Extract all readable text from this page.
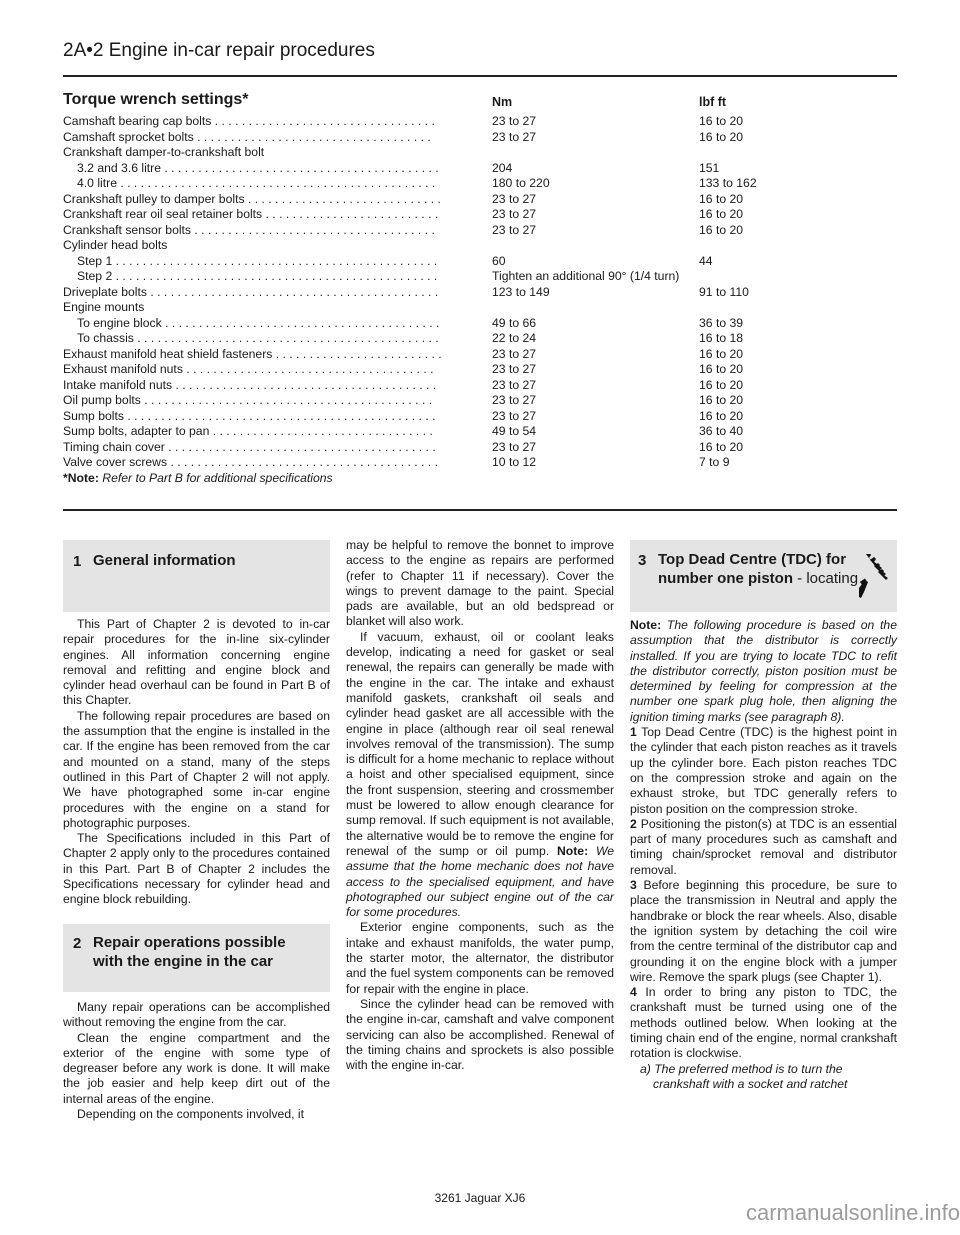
2A•2 Engine in-car repair procedures
Torque wrench settings*	Nm	lbf ft
Camshaft bearing cap bolts . . . . . . . . . . . . . . . . . . . . . . . . . . . . . . . . .	23 to 27	16 to 20
Camshaft sprocket bolts . . . . . . . . . . . . . . . . . . . . . . . . . . . . . . . . . . .	23 to 27	16 to 20
Crankshaft damper-to-crankshaft bolt
3.2 and 3.6 litre . . . . . . . . . . . . . . . . . . . . . . . . . . . . . . . . . . . . . . . . .	204	151
4.0 litre . . . . . . . . . . . . . . . . . . . . . . . . . . . . . . . . . . . . . . . . . . . . . . .	180 to 220	133 to 162
Crankshaft pulley to damper bolts . . . . . . . . . . . . . . . . . . . . . . . . . . . . .	23 to 27	16 to 20
Crankshaft rear oil seal retainer bolts . . . . . . . . . . . . . . . . . . . . . . . . . .	23 to 27	16 to 20
Crankshaft sensor bolts . . . . . . . . . . . . . . . . . . . . . . . . . . . . . . . . . . . .	23 to 27	16 to 20
Cylinder head bolts
Step 1 . . . . . . . . . . . . . . . . . . . . . . . . . . . . . . . . . . . . . . . . . . . . . . . .	60	44
Step 2 . . . . . . . . . . . . . . . . . . . . . . . . . . . . . . . . . . . . . . . . . . . . . . . .	Tighten an additional 90° (1/4 turn)
Driveplate bolts . . . . . . . . . . . . . . . . . . . . . . . . . . . . . . . . . . . . . . . . . . .	123 to 149	91 to 110
Engine mounts
To engine block . . . . . . . . . . . . . . . . . . . . . . . . . . . . . . . . . . . . . . . . .	49 to 66	36 to 39
To chassis . . . . . . . . . . . . . . . . . . . . . . . . . . . . . . . . . . . . . . . . . . . . .	22 to 24	16 to 18
Exhaust manifold heat shield fasteners . . . . . . . . . . . . . . . . . . . . . . . . .	23 to 27	16 to 20
Exhaust manifold nuts . . . . . . . . . . . . . . . . . . . . . . . . . . . . . . . . . . . . .	23 to 27	16 to 20
Intake manifold nuts . . . . . . . . . . . . . . . . . . . . . . . . . . . . . . . . . . . . . . .	23 to 27	16 to 20
Oil pump bolts . . . . . . . . . . . . . . . . . . . . . . . . . . . . . . . . . . . . . . . . . . .	23 to 27	16 to 20
Sump bolts . . . . . . . . . . . . . . . . . . . . . . . . . . . . . . . . . . . . . . . . . . . . . .	23 to 27	16 to 20
Sump bolts, adapter to pan . . . . . . . . . . . . . . . . . . . . . . . . . . . . . . . . .	49 to 54	36 to 40
Timing chain cover . . . . . . . . . . . . . . . . . . . . . . . . . . . . . . . . . . . . . . . .	23 to 27	16 to 20
Valve cover screws . . . . . . . . . . . . . . . . . . . . . . . . . . . . . . . . . . . . . . . .	10 to 12	7 to 9
*Note: Refer to Part B for additional specifications
1 General information

This Part of Chapter 2 is devoted to in-car repair procedures for the in-line six-cylinder engines. All information concerning engine removal and refitting and engine block and cylinder head overhaul can be found in Part B of this Chapter.

The following repair procedures are based on the assumption that the engine is installed in the car. If the engine has been removed from the car and mounted on a stand, many of the steps outlined in this Part of Chapter 2 will not apply. We have photographed some in-car engine procedures with the engine on a stand for photographic purposes.

The Specifications included in this Part of Chapter 2 apply only to the procedures contained in this Part. Part B of Chapter 2 includes the Specifications necessary for cylinder head and engine block rebuilding.

2 Repair operations possible
with the engine in the car

Many repair operations can be accomplished without removing the engine from the car.

Clean the engine compartment and the exterior of the engine with some type of degreaser before any work is done. It will make the job easier and help keep dirt out of the internal areas of the engine.

Depending on the components involved, it

may be helpful to remove the bonnet to improve access to the engine as repairs are performed (refer to Chapter 11 if necessary). Cover the wings to prevent damage to the paint. Special pads are available, but an old bedspread or blanket will also work.

If vacuum, exhaust, oil or coolant leaks develop, indicating a need for gasket or seal renewal, the repairs can generally be made with the engine in the car. The intake and exhaust manifold gaskets, crankshaft oil seals and cylinder head gasket are all accessible with the engine in place (although rear oil seal renewal involves removal of the transmission). The sump is difficult for a home mechanic to replace without a hoist and other specialised equipment, since the front suspension, steering and crossmember must be lowered to allow enough clearance for sump removal. If such equipment is not available, the alternative would be to remove the engine for renewal of the sump or oil pump. Note: We assume that the home mechanic does not have access to the specialised equipment, and have photographed our subject engine out of the car for some procedures.

Exterior engine components, such as the intake and exhaust manifolds, the water pump, the starter motor, the alternator, the distributor and the fuel system components can be removed for repair with the engine in place.

Since the cylinder head can be removed with the engine in-car, camshaft and valve component servicing can also be accomplished. Renewal of the timing chains and sprockets is also possible with the engine in-car.

3 Top Dead Centre (TDC) for
number one piston - locating

Note: The following procedure is based on the assumption that the distributor is correctly installed. If you are trying to locate TDC to refit the distributor correctly, piston position must be determined by feeling for compression at the number one spark plug hole, then aligning the ignition timing marks (see paragraph 8).

1 Top Dead Centre (TDC) is the highest point in the cylinder that each piston reaches as it travels up the cylinder bore. Each piston reaches TDC on the compression stroke and again on the exhaust stroke, but TDC generally refers to piston position on the compression stroke.

2 Positioning the piston(s) at TDC is an essential part of many procedures such as camshaft and timing chain/sprocket removal and distributor removal.

3 Before beginning this procedure, be sure to place the transmission in Neutral and apply the handbrake or block the rear wheels. Also, disable the ignition system by detaching the coil wire from the centre terminal of the distributor cap and grounding it on the engine block with a jumper wire. Remove the spark plugs (see Chapter 1).

4 In order to bring any piston to TDC, the crankshaft must be turned using one of the methods outlined below. When looking at the timing chain end of the engine, normal crankshaft rotation is clockwise.

a) The preferred method is to turn the

crankshaft with a socket and ratchet

3261 Jaguar XJ6
carmanualsonline.info
